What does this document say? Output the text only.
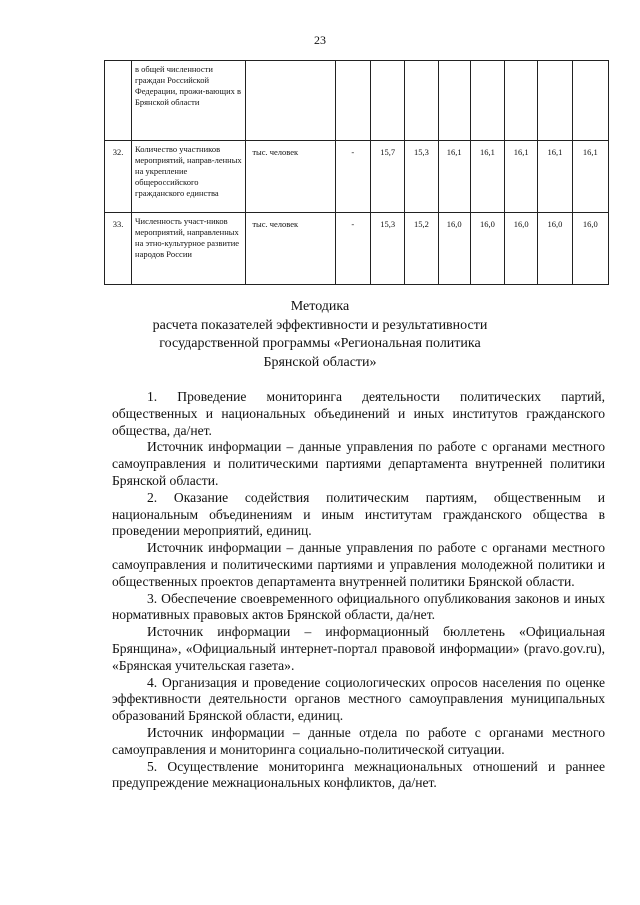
23
	в общей численности граждан Российской Федерации, прожи-вающих в Брянской области									
32.	Количество участников мероприятий, направ-ленных на укрепление общероссийского гражданского единства	тыс. человек	-	15,7	15,3	16,1	16,1	16,1	16,1	16,1
33.	Численность участ-ников мероприятий, направленных на этно-культурное развитие народов России	тыс. человек	-	15,3	15,2	16,0	16,0	16,0	16,0	16,0
Методика
расчета показателей эффективности и результативности
государственной программы «Региональная политика
Брянской области»

1. Проведение мониторинга деятельности политических партий, общественных и национальных объединений и иных институтов гражданского общества, да/нет.

Источник информации – данные управления по работе с органами местного самоуправления и политическими партиями департамента внутренней политики Брянской области.

2. Оказание содействия политическим партиям, общественным и национальным объединениям и иным институтам гражданского общества в проведении мероприятий, единиц.

Источник информации – данные управления по работе с органами местного самоуправления и политическими партиями и управления молодежной политики и общественных проектов департамента внутренней политики Брянской области.

3. Обеспечение своевременного официального опубликования законов и иных нормативных правовых актов Брянской области, да/нет.

Источник информации – информационный бюллетень «Официальная Брянщина», «Официальный интернет-портал правовой информации» (pravo.gov.ru), «Брянская учительская газета».

4. Организация и проведение социологических опросов населения по оценке эффективности деятельности органов местного самоуправления муниципальных образований Брянской области, единиц.

Источник информации – данные отдела по работе с органами местного самоуправления и мониторинга социально-политической ситуации.

5. Осуществление мониторинга межнациональных отношений и раннее предупреждение межнациональных конфликтов, да/нет.
